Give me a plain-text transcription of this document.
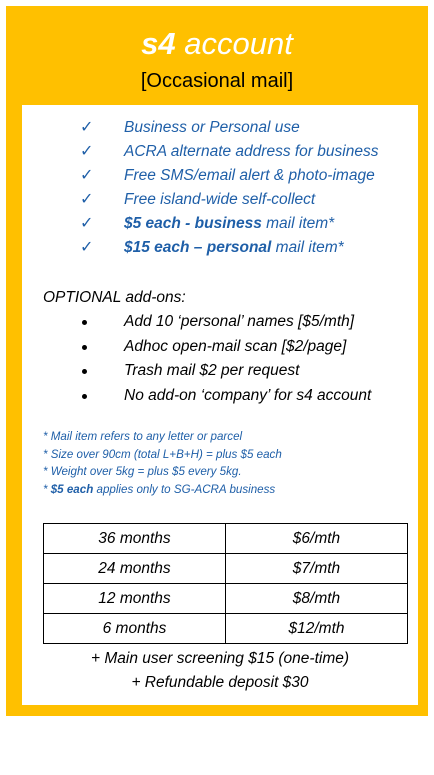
s4 account
[Occasional mail]
✓ Business or Personal use
✓ ACRA alternate address for business
✓ Free SMS/email alert & photo-image
✓ Free island-wide self-collect
✓ $5 each - business mail item*
✓ $15 each – personal mail item*
OPTIONAL add-ons:
Add 10 ‘personal’ names [$5/mth]
Adhoc open-mail scan [$2/page]
Trash mail $2 per request
No add-on ‘company’ for s4 account
* Mail item refers to any letter or parcel
* Size over 90cm (total L+B+H) = plus $5 each
* Weight over 5kg = plus $5 every 5kg.
* $5 each applies only to SG-ACRA business
36 months	$6/mth
24 months	$7/mth
12 months	$8/mth
6 months	$12/mth
+ Main user screening $15 (one-time)
+ Refundable deposit $30
